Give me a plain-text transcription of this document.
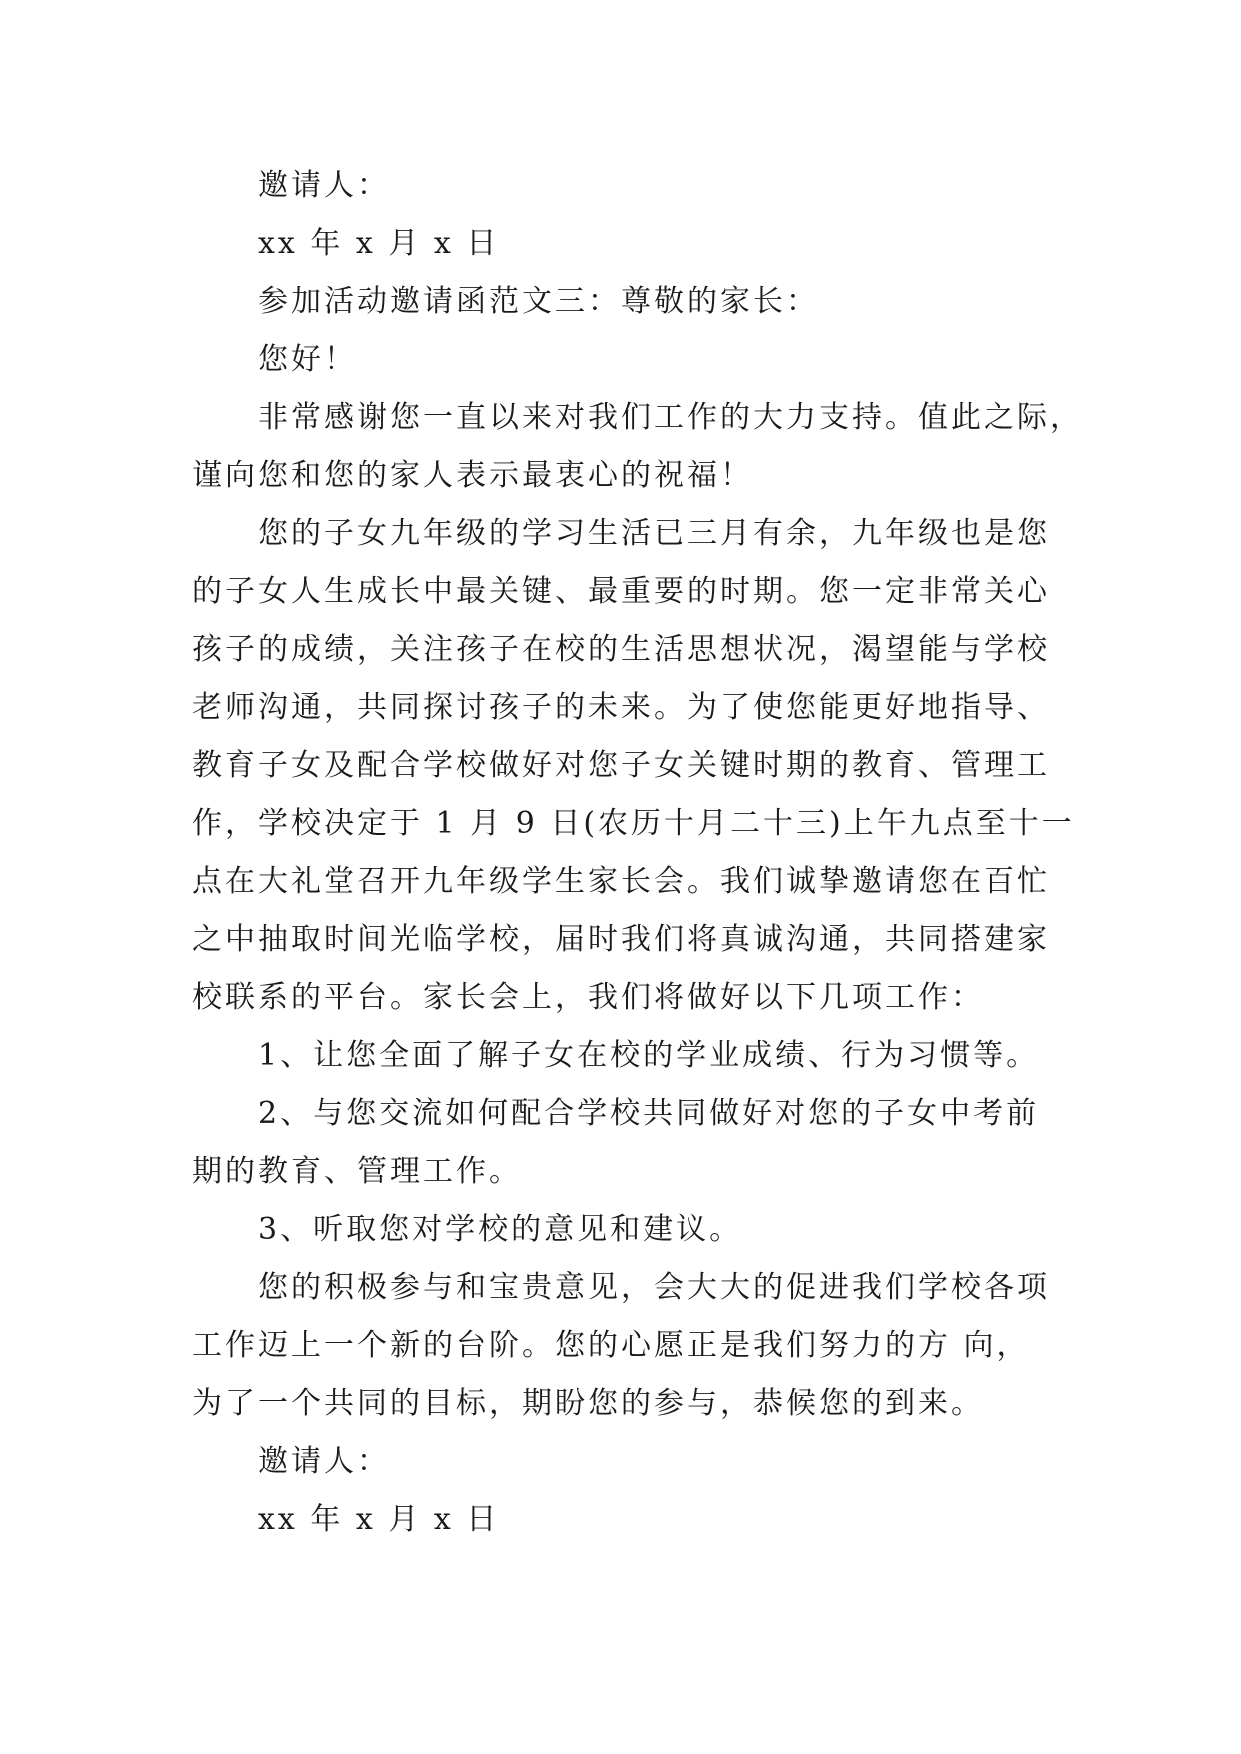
邀请人：
xx 年 x 月 x 日
参加活动邀请函范文三：尊敬的家长：
您好！
非常感谢您一直以来对我们工作的大力支持。值此之际，
谨向您和您的家人表示最衷心的祝福！
您的子女九年级的学习生活已三月有余，九年级也是您
的子女人生成长中最关键、最重要的时期。您一定非常关心
孩子的成绩，关注孩子在校的生活思想状况，渴望能与学校
老师沟通，共同探讨孩子的未来。为了使您能更好地指导、
教育子女及配合学校做好对您子女关键时期的教育、管理工
作，学校决定于 1 月 9 日(农历十月二十三)上午九点至十一
点在大礼堂召开九年级学生家长会。我们诚挚邀请您在百忙
之中抽取时间光临学校，届时我们将真诚沟通，共同搭建家
校联系的平台。家长会上，我们将做好以下几项工作：
1、让您全面了解子女在校的学业成绩、行为习惯等。
2、与您交流如何配合学校共同做好对您的子女中考前
期的教育、管理工作。
3、听取您对学校的意见和建议。
您的积极参与和宝贵意见，会大大的促进我们学校各项
工作迈上一个新的台阶。您的心愿正是我们努力的方 向，
为了一个共同的目标，期盼您的参与，恭候您的到来。
邀请人：
xx 年 x 月 x 日
